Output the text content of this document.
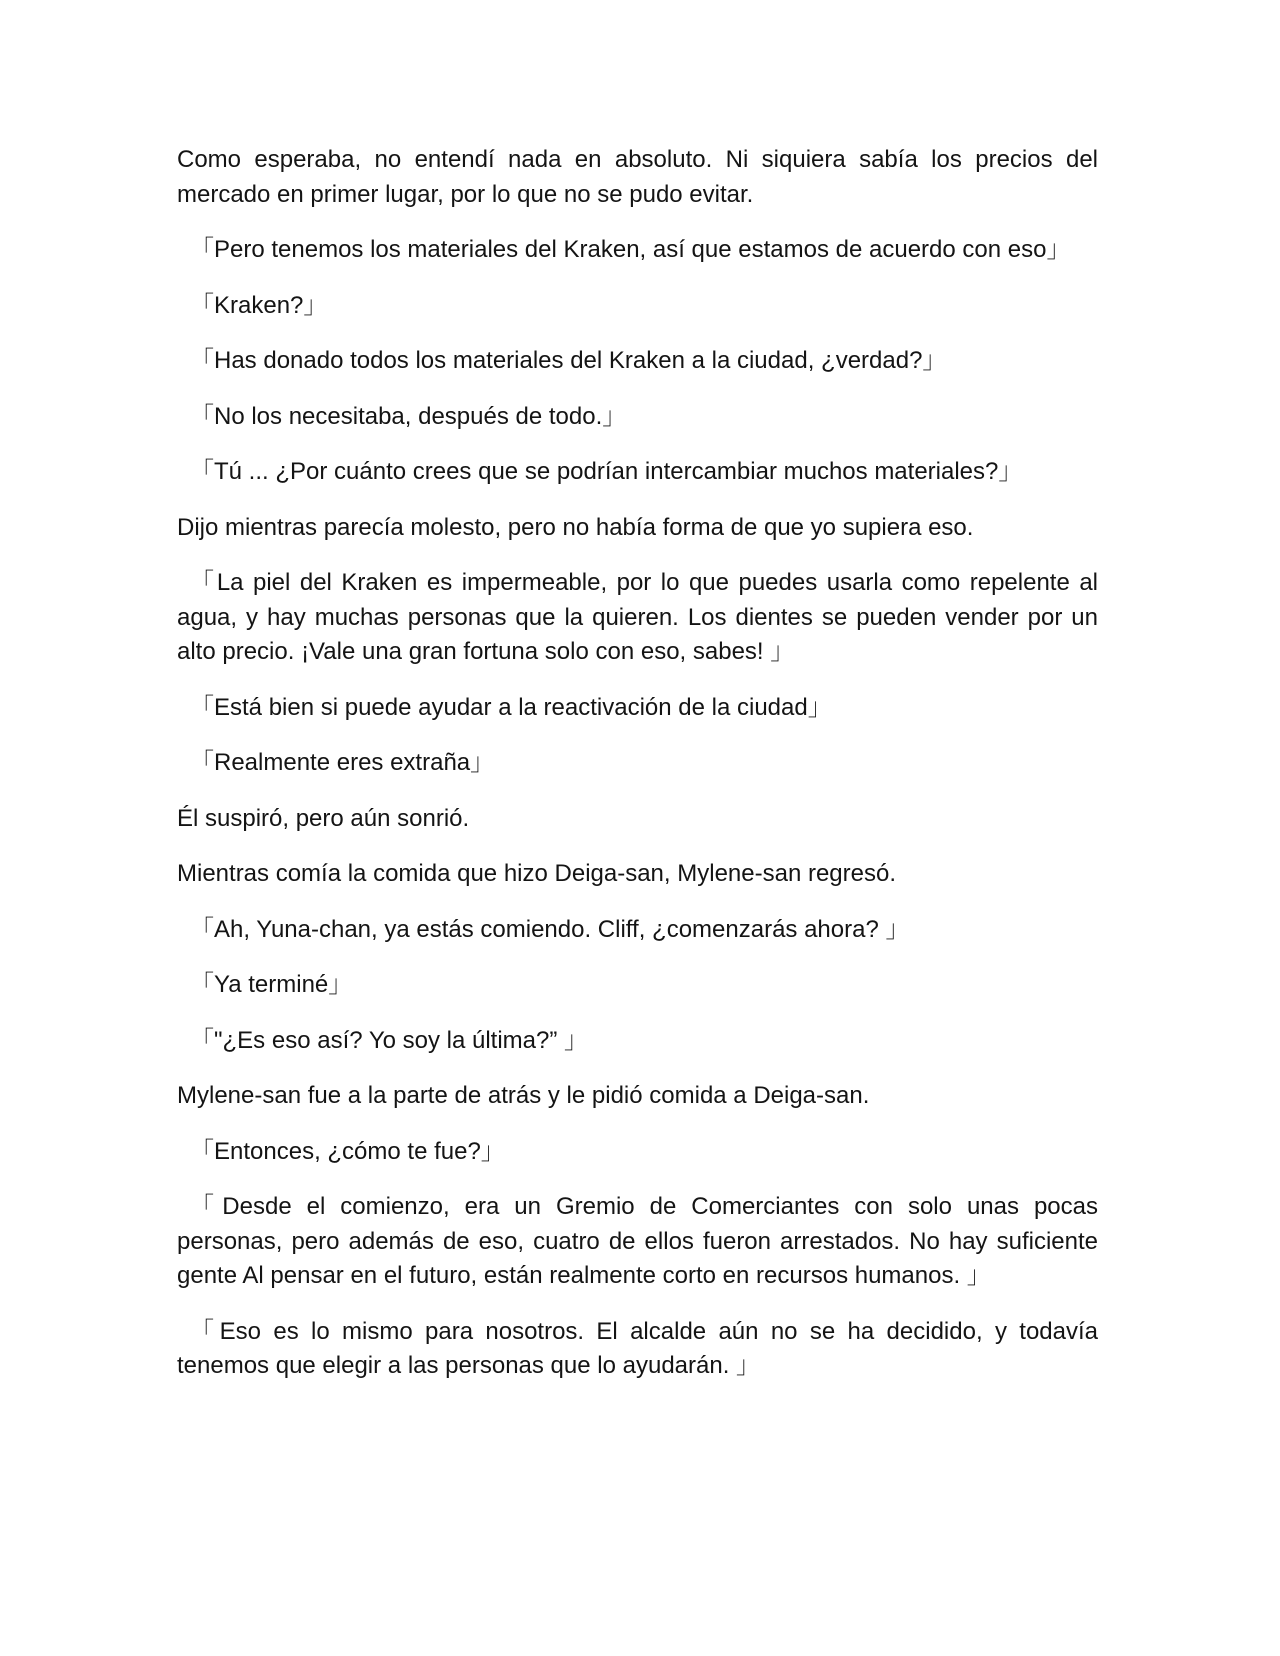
Como esperaba, no entendí nada en absoluto. Ni siquiera sabía los precios del mercado en primer lugar, por lo que no se pudo evitar.

「Pero tenemos los materiales del Kraken, así que estamos de acuerdo con eso」

「Kraken?」

「Has donado todos los materiales del Kraken a la ciudad, ¿verdad?」

「No los necesitaba, después de todo.」

「Tú ... ¿Por cuánto crees que se podrían intercambiar muchos materiales?」

Dijo mientras parecía molesto, pero no había forma de que yo supiera eso.

「La piel del Kraken es impermeable, por lo que puedes usarla como repelente al agua, y hay muchas personas que la quieren. Los dientes se pueden vender por un alto precio. ¡Vale una gran fortuna solo con eso, sabes! 」

「Está bien si puede ayudar a la reactivación de la ciudad」

「Realmente eres extraña」

Él suspiró, pero aún sonrió.

Mientras comía la comida que hizo Deiga-san, Mylene-san regresó.

「Ah, Yuna-chan, ya estás comiendo. Cliff, ¿comenzarás ahora? 」

「Ya terminé」

「"¿Es eso así? Yo soy la última?” 」

Mylene-san fue a la parte de atrás y le pidió comida a Deiga-san.

「Entonces, ¿cómo te fue?」

「Desde el comienzo, era un Gremio de Comerciantes con solo unas pocas personas, pero además de eso, cuatro de ellos fueron arrestados. No hay suficiente gente Al pensar en el futuro, están realmente corto en recursos humanos. 」

「Eso es lo mismo para nosotros. El alcalde aún no se ha decidido, y todavía tenemos que elegir a las personas que lo ayudarán. 」
